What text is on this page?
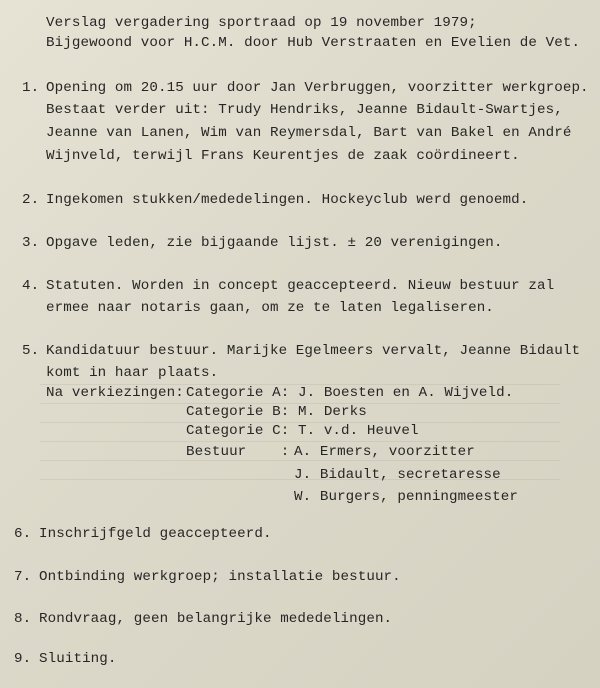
Verslag vergadering sportraad op 19 november 1979;
Bijgewoond voor H.C.M. door Hub Verstraaten en Evelien de Vet.
1. Opening om 20.15 uur door Jan Verbruggen, voorzitter werkgroep.
Bestaat verder uit: Trudy Hendriks, Jeanne Bidault-Swartjes,
Jeanne van Lanen, Wim van Reymersdal, Bart van Bakel en André
Wijnveld, terwijl Frans Keurentjes de zaak coördineert.
2. Ingekomen stukken/mededelingen. Hockeyclub werd genoemd.
3. Opgave leden, zie bijgaande lijst. ± 20 verenigingen.
4. Statuten. Worden in concept geaccepteerd. Nieuw bestuur zal
ermee naar notaris gaan, om ze te laten legaliseren.
5. Kandidatuur bestuur. Marijke Egelmeers vervalt, Jeanne Bidault
komt in haar plaats.
Na verkiezingen: Categorie A: J. Boesten en A. Wijveld.
Categorie B: M. Derks
Categorie C: T. v.d. Heuvel
Bestuur    : A. Ermers, voorzitter
J. Bidault, secretaresse
W. Burgers, penningmeester
6. Inschrijfgeld geaccepteerd.
7. Ontbinding werkgroep; installatie bestuur.
8. Rondvraag, geen belangrijke mededelingen.
9. Sluiting.
